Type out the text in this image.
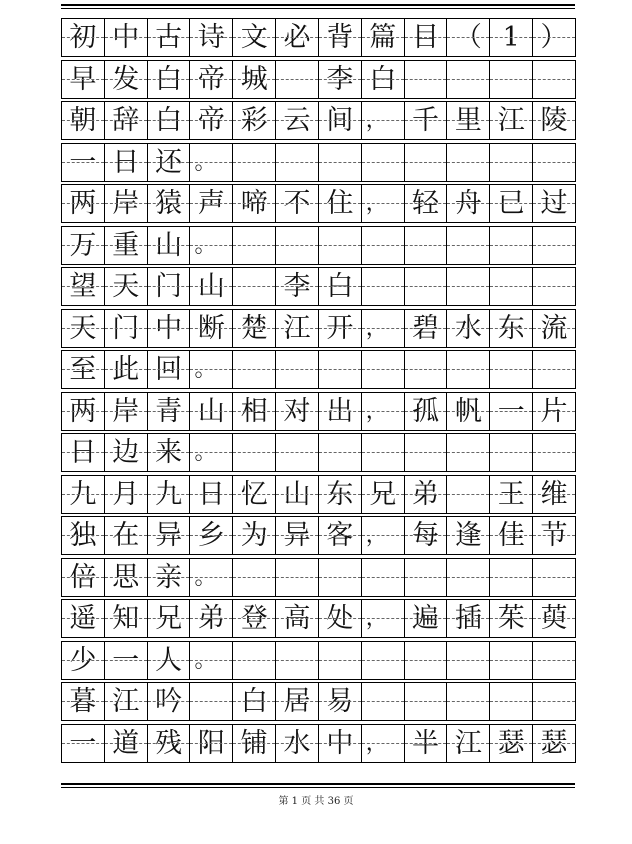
初 中 古 诗 文 必 背 篇 目 （ 1 ）
早 发 白 帝 城	李 白
朝 辞 白 帝 彩 云 间 ， 千 里 江 陵
一 日 还 。
两 岸 猿 声 啼 不 住 ， 轻 舟 已 过
万 重 山 。
望 天 门 山	李 白
天 门 中 断 楚 江 开 ， 碧 水 东 流
至 此 回 。
两 岸 青 山 相 对 出 ， 孤 帆 一 片
日 边 来 。
九 月 九 日 忆 山 东 兄 弟	王 维
独 在 异 乡 为 异 客 ， 每 逢 佳 节
倍 思 亲 。
遥 知 兄 弟 登 高 处 ， 遍 插 茱 萸
少 一 人 。
暮 江 吟	白 居 易
一 道 残 阳 铺 水 中 ， 半 江 瑟 瑟
第 1 页 共 36 页
